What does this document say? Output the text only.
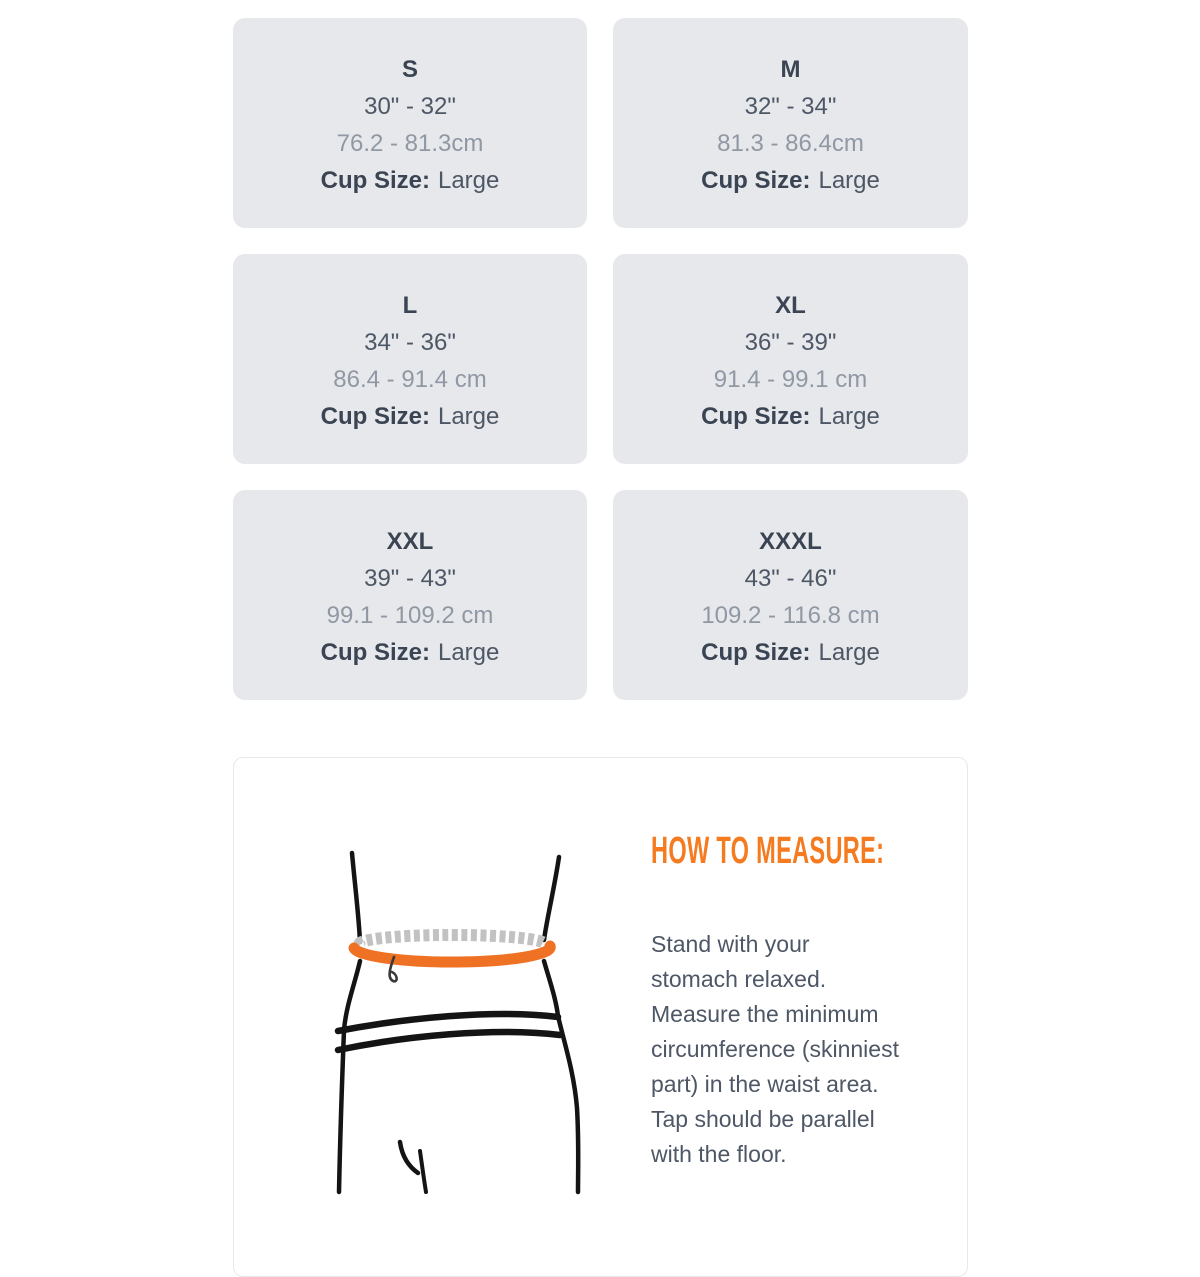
S
30" - 32"
76.2 - 81.3cm
Cup Size: Large
M
32" - 34"
81.3 - 86.4cm
Cup Size: Large
L
34" - 36"
86.4 - 91.4 cm
Cup Size: Large
XL
36" - 39"
91.4 - 99.1 cm
Cup Size: Large
XXL
39" - 43"
99.1 - 109.2 cm
Cup Size: Large
XXXL
43" - 46"
109.2 - 116.8 cm
Cup Size: Large
HOW TO MEASURE:

Stand with your stomach relaxed. Measure the minimum circumference (skinniest part) in the waist area. Tap should be parallel with the floor.
